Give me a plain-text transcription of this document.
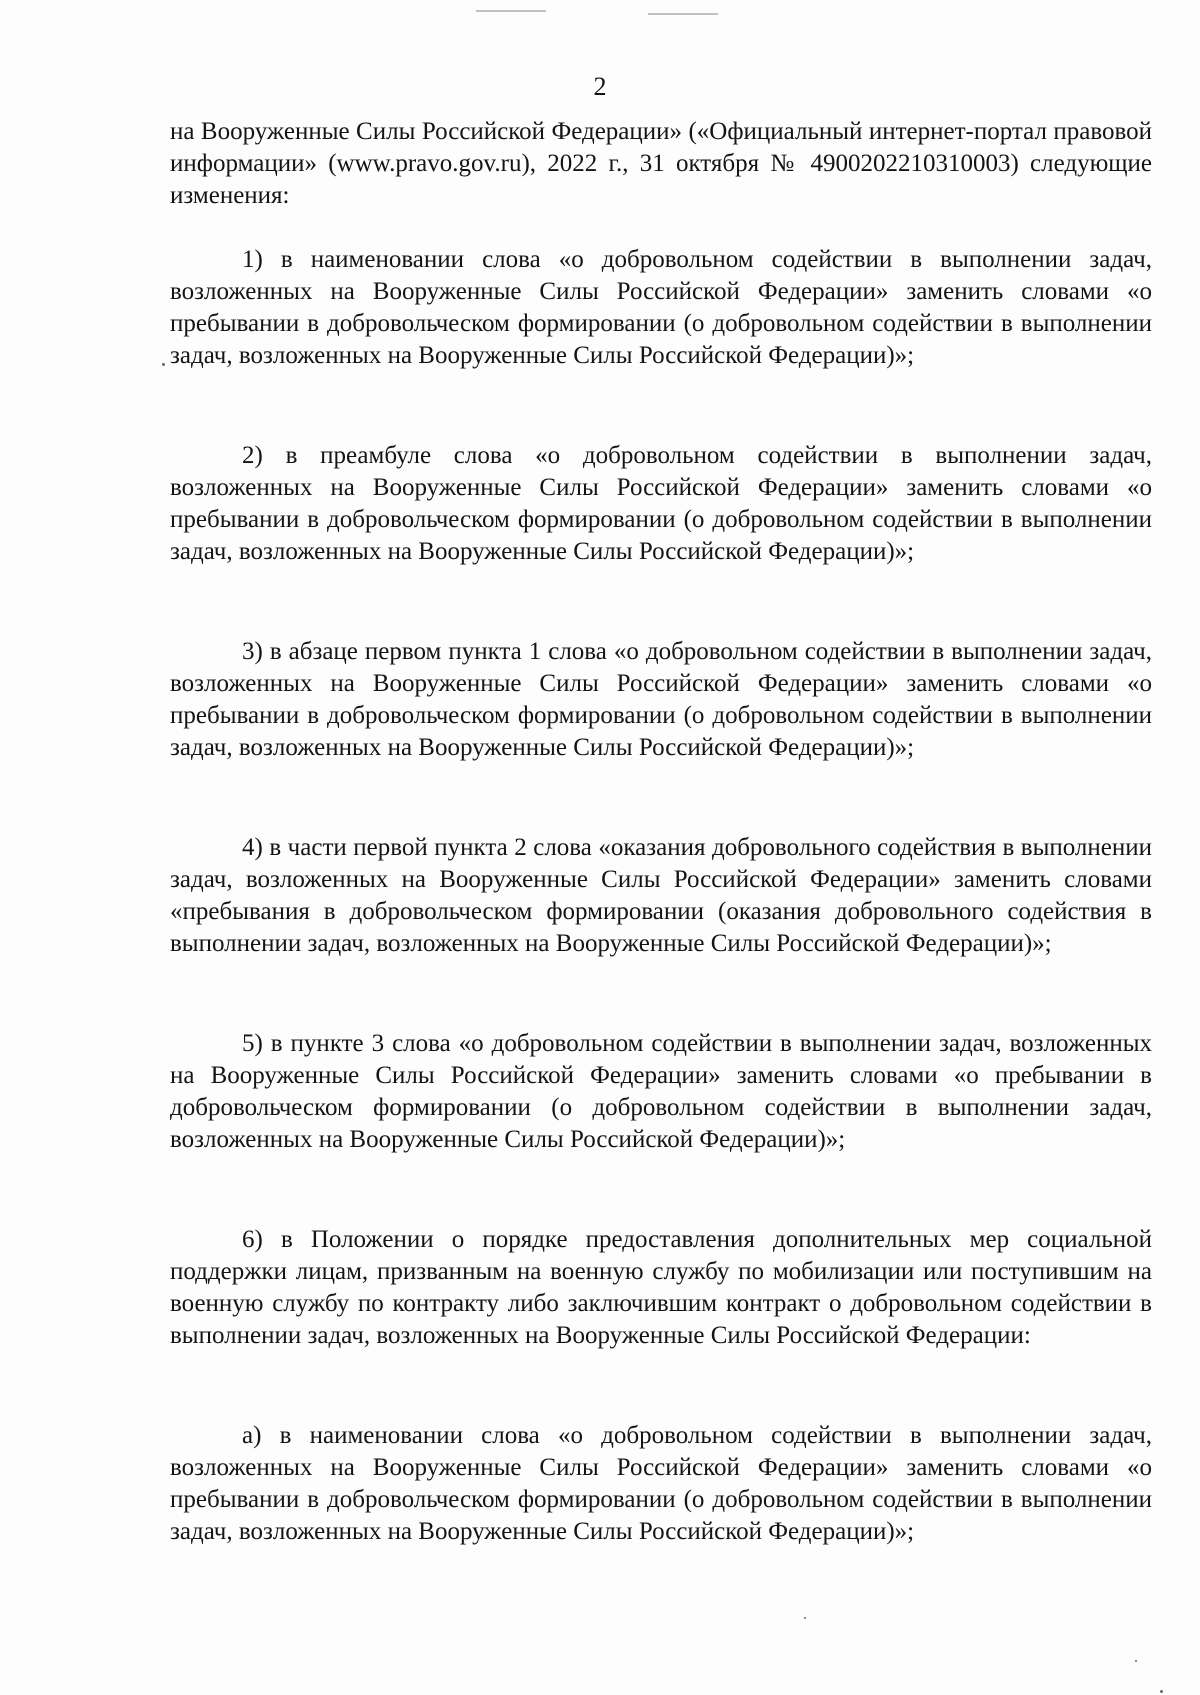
2

на Вооруженные Силы Российской Федерации» («Официальный интернет-портал правовой информации» (www.pravo.gov.ru), 2022 г., 31 октября № 4900202210310003) следующие изменения:

1) в наименовании слова «о добровольном содействии в выполнении задач, возложенных на Вооруженные Силы Российской Федерации» заменить словами «о пребывании в добровольческом формировании (о добровольном содействии в выполнении задач, возложенных на Вооруженные Силы Российской Федерации)»;

2) в преамбуле слова «о добровольном содействии в выполнении задач, возложенных на Вооруженные Силы Российской Федерации» заменить словами «о пребывании в добровольческом формировании (о добровольном содействии в выполнении задач, возложенных на Вооруженные Силы Российской Федерации)»;

3) в абзаце первом пункта 1 слова «о добровольном содействии в выполнении задач, возложенных на Вооруженные Силы Российской Федерации» заменить словами «о пребывании в добровольческом формировании (о добровольном содействии в выполнении задач, возложенных на Вооруженные Силы Российской Федерации)»;

4) в части первой пункта 2 слова «оказания добровольного содействия в выполнении задач, возложенных на Вооруженные Силы Российской Федерации» заменить словами «пребывания в добровольческом формировании (оказания добровольного содействия в выполнении задач, возложенных на Вооруженные Силы Российской Федерации)»;

5) в пункте 3 слова «о добровольном содействии в выполнении задач, возложенных на Вооруженные Силы Российской Федерации» заменить словами «о пребывании в добровольческом формировании (о добровольном содействии в выполнении задач, возложенных на Вооруженные Силы Российской Федерации)»;

6) в Положении о порядке предоставления дополнительных мер социальной поддержки лицам, призванным на военную службу по мобилизации или поступившим на военную службу по контракту либо заключившим контракт о добровольном содействии в выполнении задач, возложенных на Вооруженные Силы Российской Федерации:

а) в наименовании слова «о добровольном содействии в выполнении задач, возложенных на Вооруженные Силы Российской Федерации» заменить словами «о пребывании в добровольческом формировании (о добровольном содействии в выполнении задач, возложенных на Вооруженные Силы Российской Федерации)»;
